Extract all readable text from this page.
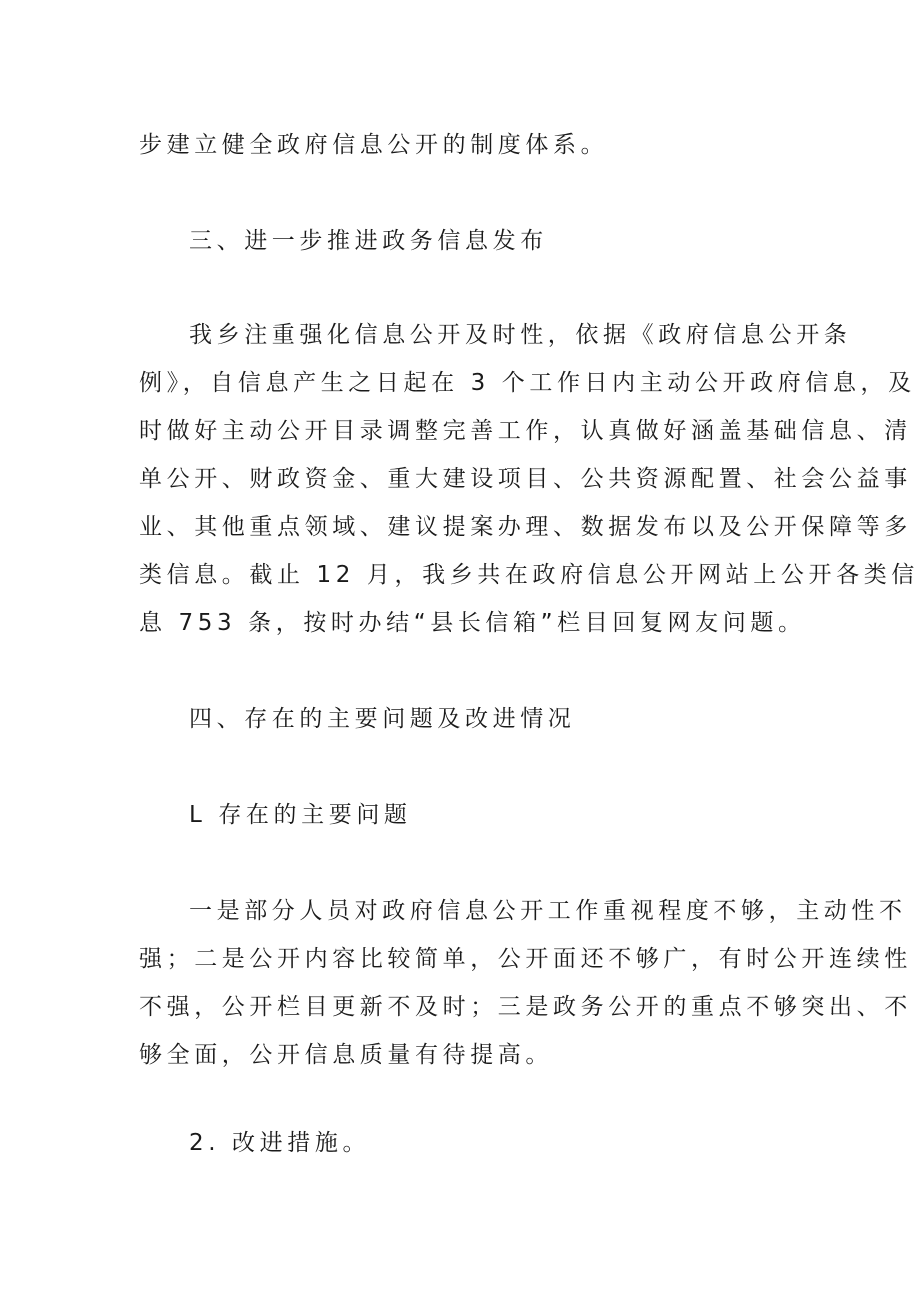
步建立健全政府信息公开的制度体系。
三、进一步推进政务信息发布
我乡注重强化信息公开及时性，依据《政府信息公开条
例》，自信息产生之日起在 3 个工作日内主动公开政府信息，及
时做好主动公开目录调整完善工作，认真做好涵盖基础信息、清
单公开、财政资金、重大建设项目、公共资源配置、社会公益事
业、其他重点领域、建议提案办理、数据发布以及公开保障等多
类信息。截止 12 月，我乡共在政府信息公开网站上公开各类信
息 753 条，按时办结“县长信箱”栏目回复网友问题。
四、存在的主要问题及改进情况
L 存在的主要问题
一是部分人员对政府信息公开工作重视程度不够，主动性不
强；二是公开内容比较简单，公开面还不够广，有时公开连续性
不强，公开栏目更新不及时；三是政务公开的重点不够突出、不
够全面，公开信息质量有待提高。
2. 改进措施。
